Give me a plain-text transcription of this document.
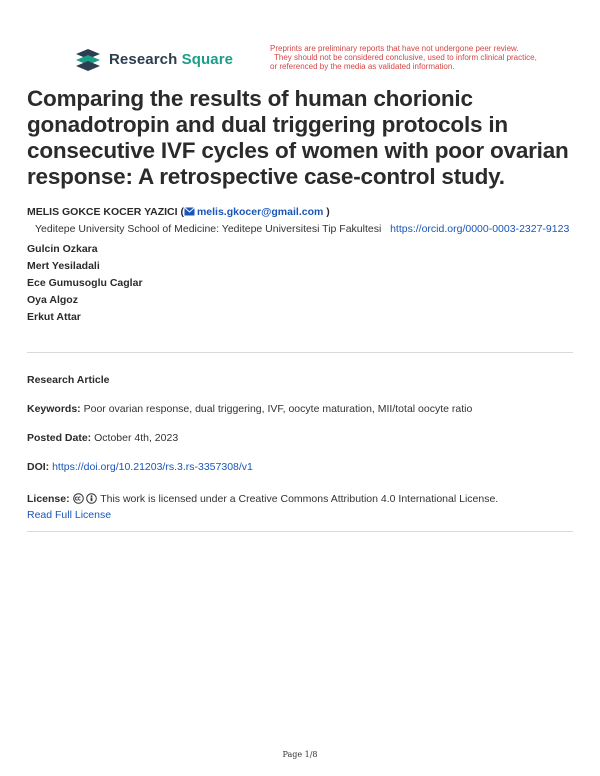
Research Square
Preprints are preliminary reports that have not undergone peer review.
They should not be considered conclusive, used to inform clinical practice,
or referenced by the media as validated information.
Comparing the results of human chorionic gonadotropin and dual triggering protocols in consecutive IVF cycles of women with poor ovarian response: A retrospective case-control study.
MELIS GOKCE KOCER YAZICI ( melis.gkocer@gmail.com )
Yeditepe University School of Medicine: Yeditepe Universitesi Tip Fakultesi https://orcid.org/0000-0003-2327-9123
Gulcin Ozkara
Mert Yesiladali
Ece Gumusoglu Caglar
Oya Algoz
Erkut Attar
Research Article
Keywords: Poor ovarian response, dual triggering, IVF, oocyte maturation, MII/total oocyte ratio
Posted Date: October 4th, 2023
DOI: https://doi.org/10.21203/rs.3.rs-3357308/v1
License:	This work is licensed under a Creative Commons Attribution 4.0 International License.
Read Full License
Page 1/8
